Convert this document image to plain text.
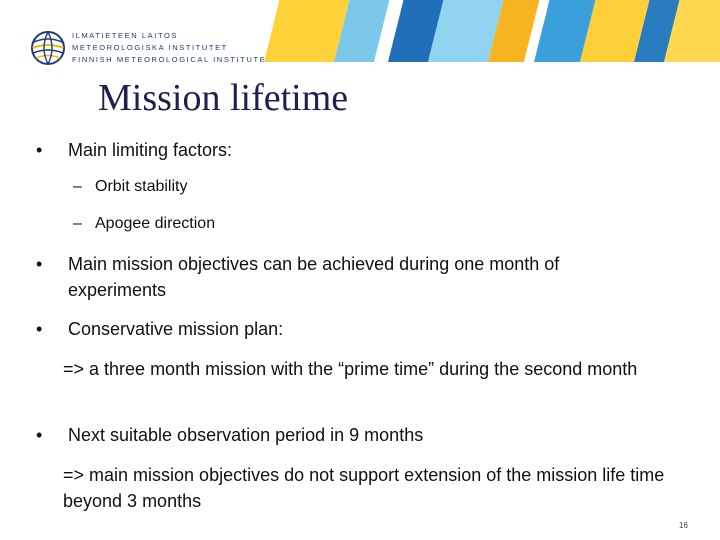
ILMATIETEEN LAITOS
METEOROLOGISKA INSTITUTET
FINNISH METEOROLOGICAL INSTITUTE
Mission lifetime
• Main limiting factors:
– Orbit stability
– Apogee direction
• Main mission objectives can be achieved during one month of experiments
• Conservative mission plan:
=> a three month mission with the “prime time” during the second month
• Next suitable observation period in 9 months
=> main mission objectives do not support extension of the mission life time beyond 3 months
16
